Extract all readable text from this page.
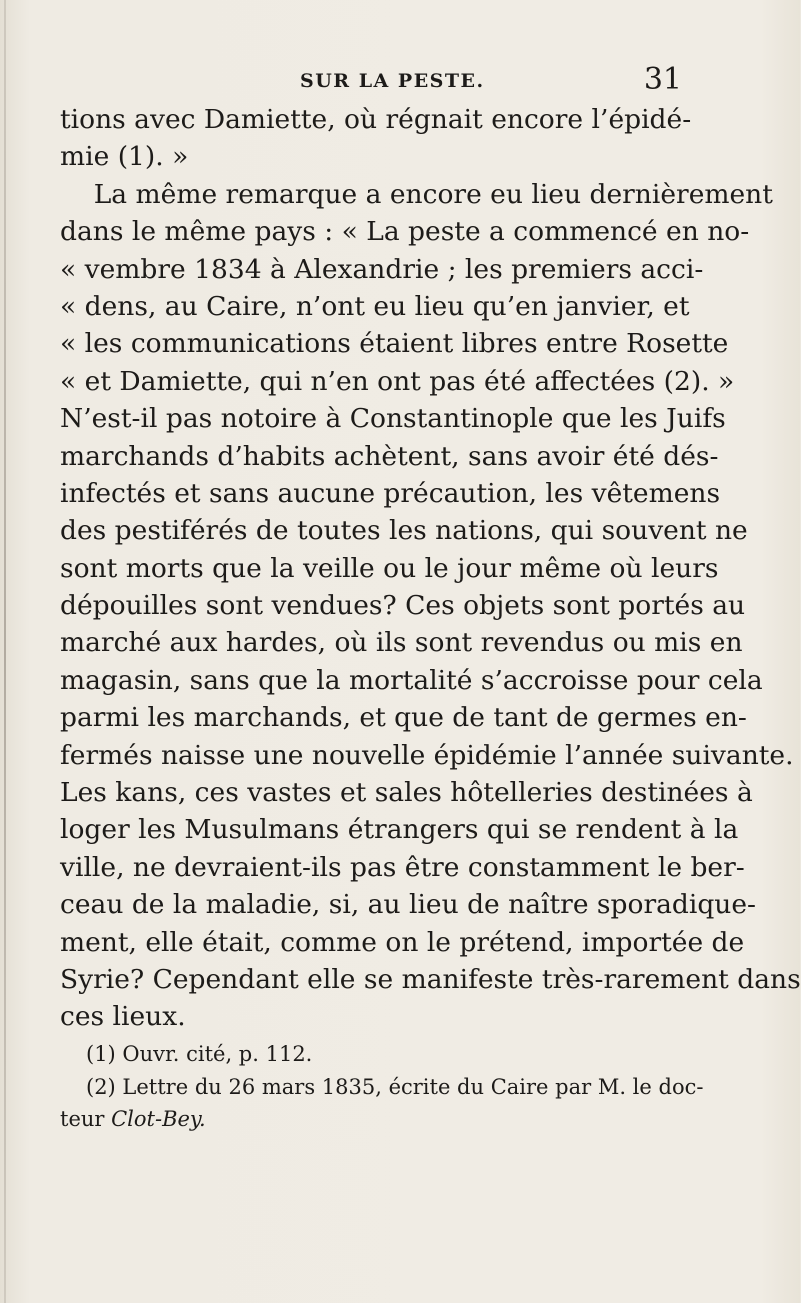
SUR LA PESTE.	31
tions avec Damiette, où régnait encore l’épidé-
mie (1). »
La même remarque a encore eu lieu dernièrement
dans le même pays : « La peste a commencé en no-
« vembre 1834 à Alexandrie ; les premiers acci-
« dens, au Caire, n’ont eu lieu qu’en janvier, et
« les communications étaient libres entre Rosette
« et Damiette, qui n’en ont pas été affectées (2). »
N’est-il pas notoire à Constantinople que les Juifs
marchands d’habits achètent, sans avoir été dés-
infectés et sans aucune précaution, les vêtemens
des pestiférés de toutes les nations, qui souvent ne
sont morts que la veille ou le jour même où leurs
dépouilles sont vendues? Ces objets sont portés au
marché aux hardes, où ils sont revendus ou mis en
magasin, sans que la mortalité s’accroisse pour cela
parmi les marchands, et que de tant de germes en-
fermés naisse une nouvelle épidémie l’année suivante.
Les kans, ces vastes et sales hôtelleries destinées à
loger les Musulmans étrangers qui se rendent à la
ville, ne devraient-ils pas être constamment le ber-
ceau de la maladie, si, au lieu de naître sporadique-
ment, elle était, comme on le prétend, importée de
Syrie? Cependant elle se manifeste très-rarement dans
ces lieux.
(1) Ouvr. cité, p. 112.
(2) Lettre du 26 mars 1835, écrite du Caire par M. le doc-
teur Clot-Bey.
